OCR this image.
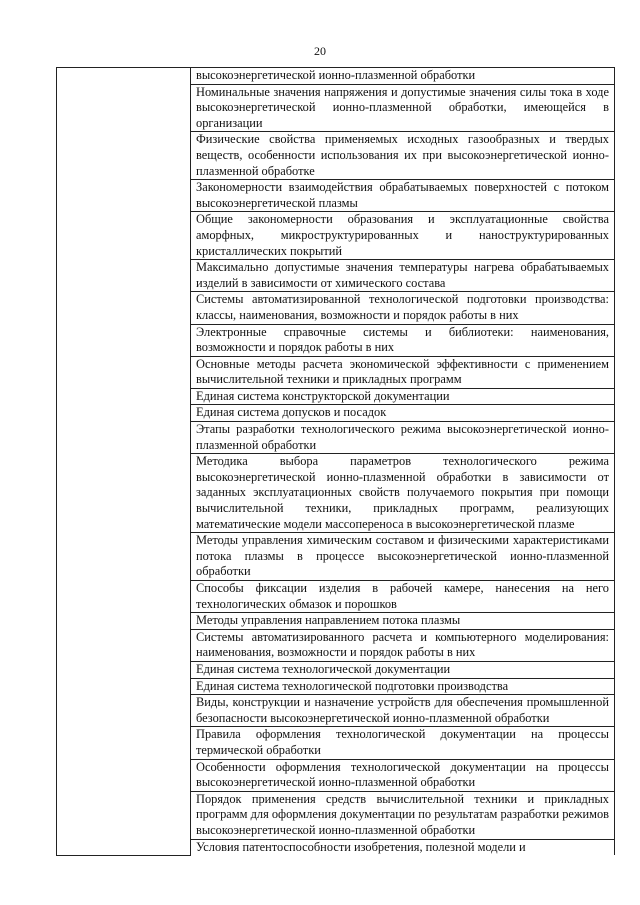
20
	высокоэнергетической ионно-плазменной обработки
Номинальные значения напряжения и допустимые значения силы тока в ходе высокоэнергетической ионно-плазменной обработки, имеющейся в организации
Физические свойства применяемых исходных газообразных и твердых веществ, особенности использования их при высокоэнергетической ионно-плазменной обработке
Закономерности взаимодействия обрабатываемых поверхностей с потоком высокоэнергетической плазмы
Общие закономерности образования и эксплуатационные свойства аморфных, микроструктурированных и наноструктурированных кристаллических покрытий
Максимально допустимые значения температуры нагрева обрабатываемых изделий в зависимости от химического состава
Системы автоматизированной технологической подготовки производства: классы, наименования, возможности и порядок работы в них
Электронные справочные системы и библиотеки: наименования, возможности и порядок работы в них
Основные методы расчета экономической эффективности с применением вычислительной техники и прикладных программ
Единая система конструкторской документации
Единая система допусков и посадок
Этапы разработки технологического режима высокоэнергетической ионно-плазменной обработки
Методика выбора параметров технологического режима высокоэнергетической ионно-плазменной обработки в зависимости от заданных эксплуатационных свойств получаемого покрытия при помощи вычислительной техники, прикладных программ, реализующих математические модели массопереноса в высокоэнергетической плазме
Методы управления химическим составом и физическими характеристиками потока плазмы в процессе высокоэнергетической ионно-плазменной обработки
Способы фиксации изделия в рабочей камере, нанесения на него технологических обмазок и порошков
Методы управления направлением потока плазмы
Системы автоматизированного расчета и компьютерного моделирования: наименования, возможности и порядок работы в них
Единая система технологической документации
Единая система технологической подготовки производства
Виды, конструкции и назначение устройств для обеспечения промышленной безопасности высокоэнергетической ионно-плазменной обработки
Правила оформления технологической документации на процессы термической обработки
Особенности оформления технологической документации на процессы высокоэнергетической ионно-плазменной обработки
Порядок применения средств вычислительной техники и прикладных программ для оформления документации по результатам разработки режимов высокоэнергетической ионно-плазменной обработки
Условия патентоспособности изобретения, полезной модели и
